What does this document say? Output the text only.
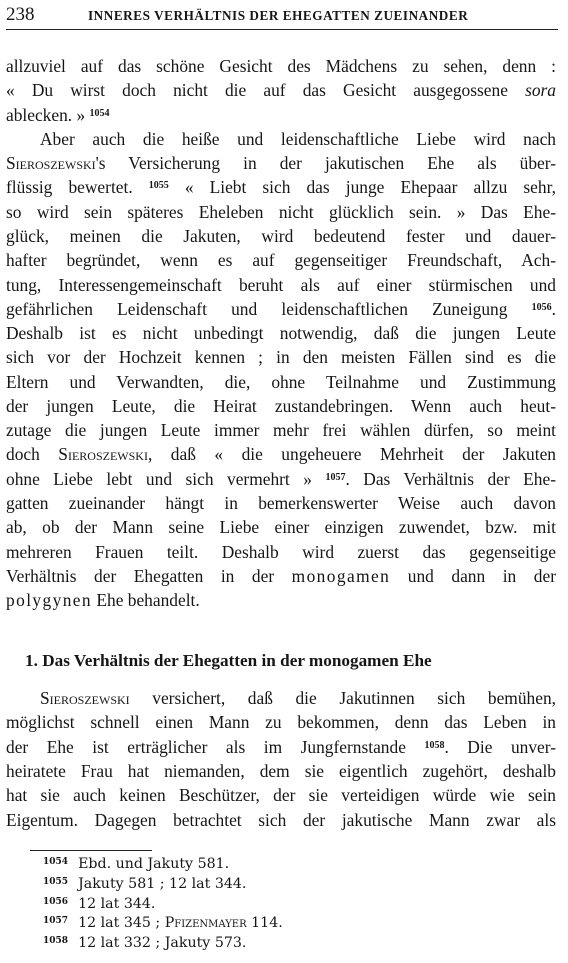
238	INNERES VERHÄLTNIS DER EHEGATTEN ZUEINANDER
allzuviel auf das schöne Gesicht des Mädchens zu sehen, denn :
« Du wirst doch nicht die auf das Gesicht ausgegossene sora
ablecken. » $^{1054}$
Aber auch die heiße und leidenschaftliche Liebe wird nach
Sieroszewski's Versicherung in der jakutischen Ehe als über-
flüssig bewertet. $^{1055}$ « Liebt sich das junge Ehepaar allzu sehr,
so wird sein späteres Eheleben nicht glücklich sein. » Das Ehe-
glück, meinen die Jakuten, wird bedeutend fester und dauer-
hafter begründet, wenn es auf gegenseitiger Freundschaft, Ach-
tung, Interessengemeinschaft beruht als auf einer stürmischen und
gefährlichen Leidenschaft und leidenschaftlichen Zuneigung $^{1056}$.
Deshalb ist es nicht unbedingt notwendig, daß die jungen Leute
sich vor der Hochzeit kennen ; in den meisten Fällen sind es die
Eltern und Verwandten, die, ohne Teilnahme und Zustimmung
der jungen Leute, die Heirat zustandebringen. Wenn auch heut-
zutage die jungen Leute immer mehr frei wählen dürfen, so meint
doch Sieroszewski, daß « die ungeheuere Mehrheit der Jakuten
ohne Liebe lebt und sich vermehrt » $^{1057}$. Das Verhältnis der Ehe-
gatten zueinander hängt in bemerkenswerter Weise auch davon
ab, ob der Mann seine Liebe einer einzigen zuwendet, bzw. mit
mehreren Frauen teilt. Deshalb wird zuerst das gegenseitige
Verhältnis der Ehegatten in der monogamen und dann in der
polygynen Ehe behandelt.
1. Das Verhältnis der Ehegatten in der monogamen Ehe
Sieroszewski versichert, daß die Jakutinnen sich bemühen,
möglichst schnell einen Mann zu bekommen, denn das Leben in
der Ehe ist erträglicher als im Jungfernstande $^{1058}$. Die unver-
heiratete Frau hat niemanden, dem sie eigentlich zugehört, deshalb
hat sie auch keinen Beschützer, der sie verteidigen würde wie sein
Eigentum. Dagegen betrachtet sich der jakutische Mann zwar als
$^{1054}$ Ebd. und Jakuty 581.
$^{1055}$ Jakuty 581 ; 12 lat 344.
$^{1056}$ 12 lat 344.
$^{1057}$ 12 lat 345 ; Pfizenmayer 114.
$^{1058}$ 12 lat 332 ; Jakuty 573.
